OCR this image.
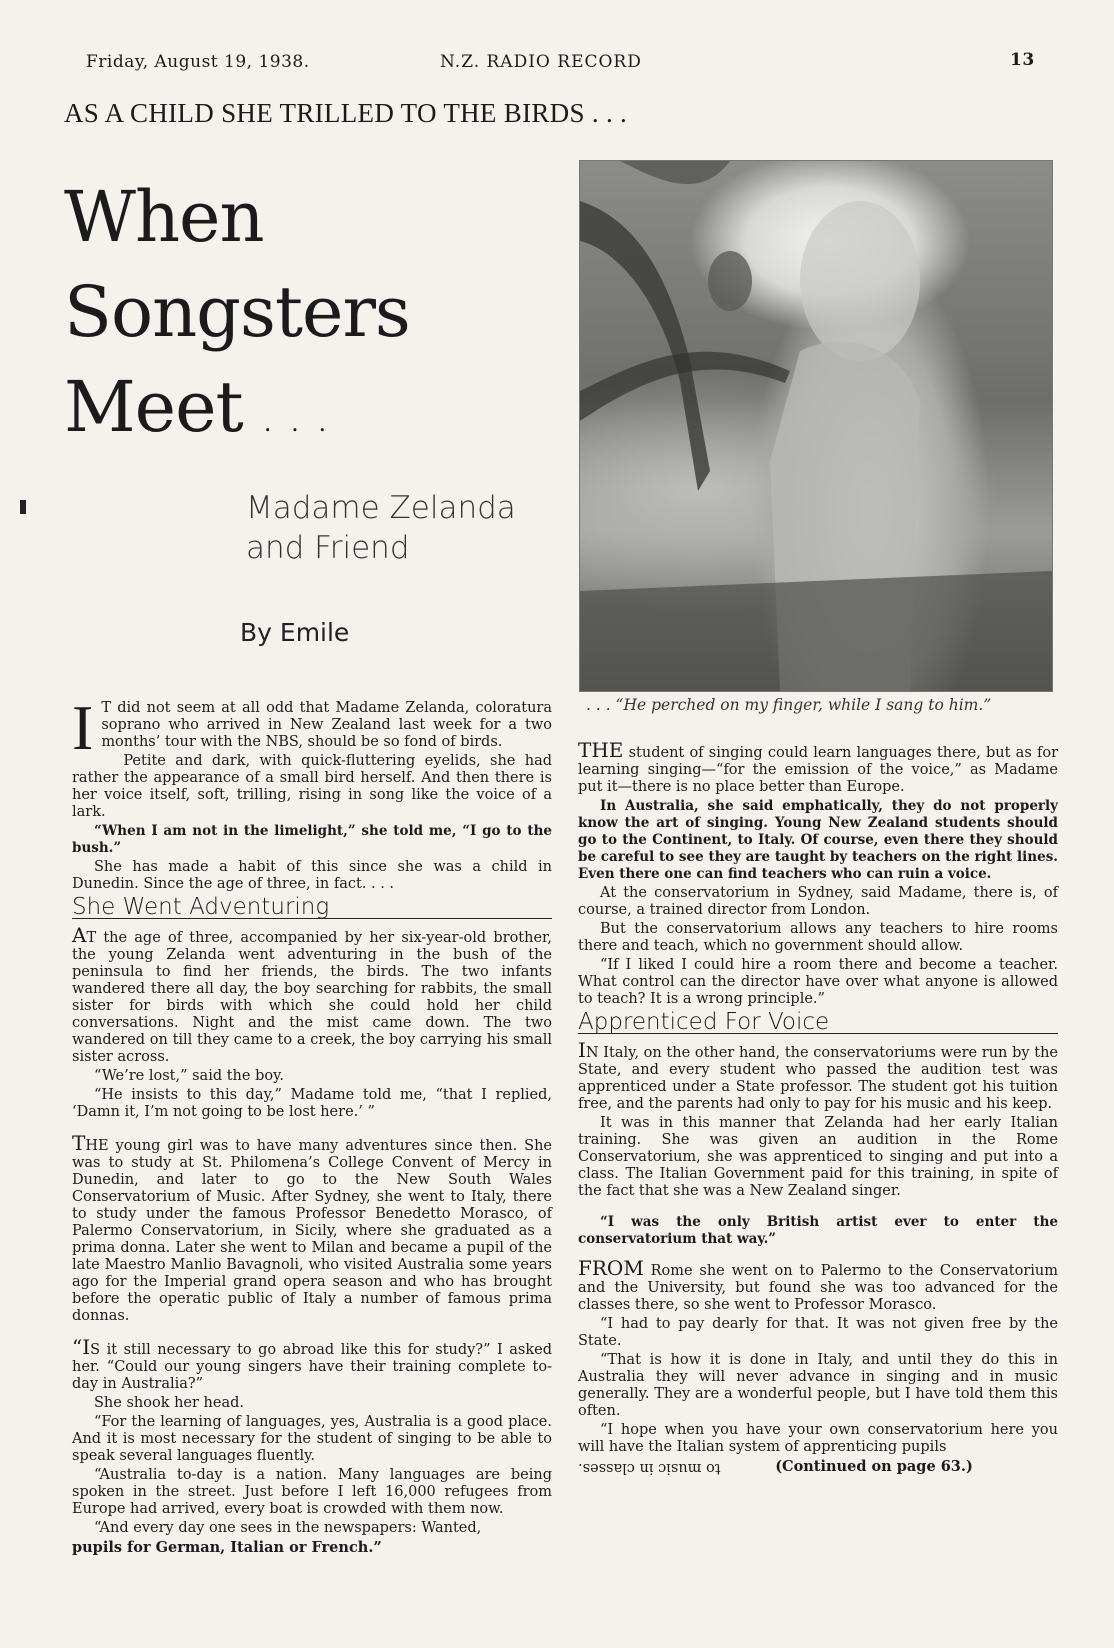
Friday, August 19, 1938.	N.Z. RADIO RECORD	13
AS A CHILD SHE TRILLED TO THE BIRDS . . .
When
Songsters
Meet . . .
Madame Zelanda
and Friend
By Emile
. . . “He perched on my finger, while I sang to him.”

I T did not seem at all odd that Madame Zelanda, coloratura soprano who arrived in New Zealand last week for a two months’ tour with the NBS, should be so fond of birds.

Petite and dark, with quick-fluttering eyelids, she had rather the appearance of a small bird herself. And then there is her voice itself, soft, trilling, rising in song like the voice of a lark.

“When I am not in the limelight,” she told me, “I go to the bush.”

She has made a habit of this since she was a child in Dunedin. Since the age of three, in fact. . . .

She Went Adventuring

AT the age of three, accompanied by her six-year-old brother, the young Zelanda went adventuring in the bush of the peninsula to find her friends, the birds. The two infants wandered there all day, the boy searching for rabbits, the small sister for birds with which she could hold her child conversations. Night and the mist came down. The two wandered on till they came to a creek, the boy carrying his small sister across.

“We’re lost,” said the boy.

“He insists to this day,” Madame told me, “that I replied, ‘Damn it, I’m not going to be lost here.’ ”

THE young girl was to have many adventures since then. She was to study at St. Philomena’s College Convent of Mercy in Dunedin, and later to go to the New South Wales Conservatorium of Music. After Sydney, she went to Italy, there to study under the famous Professor Benedetto Morasco, of Palermo Conservatorium, in Sicily, where she graduated as a prima donna. Later she went to Milan and became a pupil of the late Maestro Manlio Bavagnoli, who visited Australia some years ago for the Imperial grand opera season and who has brought before the operatic public of Italy a number of famous prima donnas.

“IS it still necessary to go abroad like this for study?” I asked her. “Could our young singers have their training complete to-day in Australia?”

She shook her head.

“For the learning of languages, yes, Australia is a good place. And it is most necessary for the student of singing to be able to speak several languages fluently.

“Australia to-day is a nation. Many languages are being spoken in the street. Just before I left 16,000 refugees from Europe had arrived, every boat is crowded with them now.

“And every day one sees in the newspapers: Wanted,

pupils for German, Italian or French.”

THE student of singing could learn languages there, but as for learning singing—“for the emission of the voice,” as Madame put it—there is no place better than Europe.

In Australia, she said emphatically, they do not properly know the art of singing. Young New Zealand students should go to the Continent, to Italy. Of course, even there they should be careful to see they are taught by teachers on the right lines. Even there one can find teachers who can ruin a voice.

At the conservatorium in Sydney, said Madame, there is, of course, a trained director from London.

But the conservatorium allows any teachers to hire rooms there and teach, which no government should allow.

“If I liked I could hire a room there and become a teacher. What control can the director have over what anyone is allowed to teach? It is a wrong principle.”

Apprenticed For Voice

IN Italy, on the other hand, the conservatoriums were run by the State, and every student who passed the audition test was apprenticed under a State professor. The student got his tuition free, and the parents had only to pay for his music and his keep.

It was in this manner that Zelanda had her early Italian training. She was given an audition in the Rome Conservatorium, she was apprenticed to singing and put into a class. The Italian Government paid for this training, in spite of the fact that she was a New Zealand singer.

“I was the only British artist ever to enter the conservatorium that way.”

FROM Rome she went on to Palermo to the Conservatorium and the University, but found she was too advanced for the classes there, so she went to Professor Morasco.

“I had to pay dearly for that. It was not given free by the State.

“That is how it is done in Italy, and until they do this in Australia they will never advance in singing and in music generally. They are a wonderful people, but I have told them this often.

“I hope when you have your own conservatorium here you will have the Italian system of apprenticing pupils

to music in classes.	(Continued on page 63.)
